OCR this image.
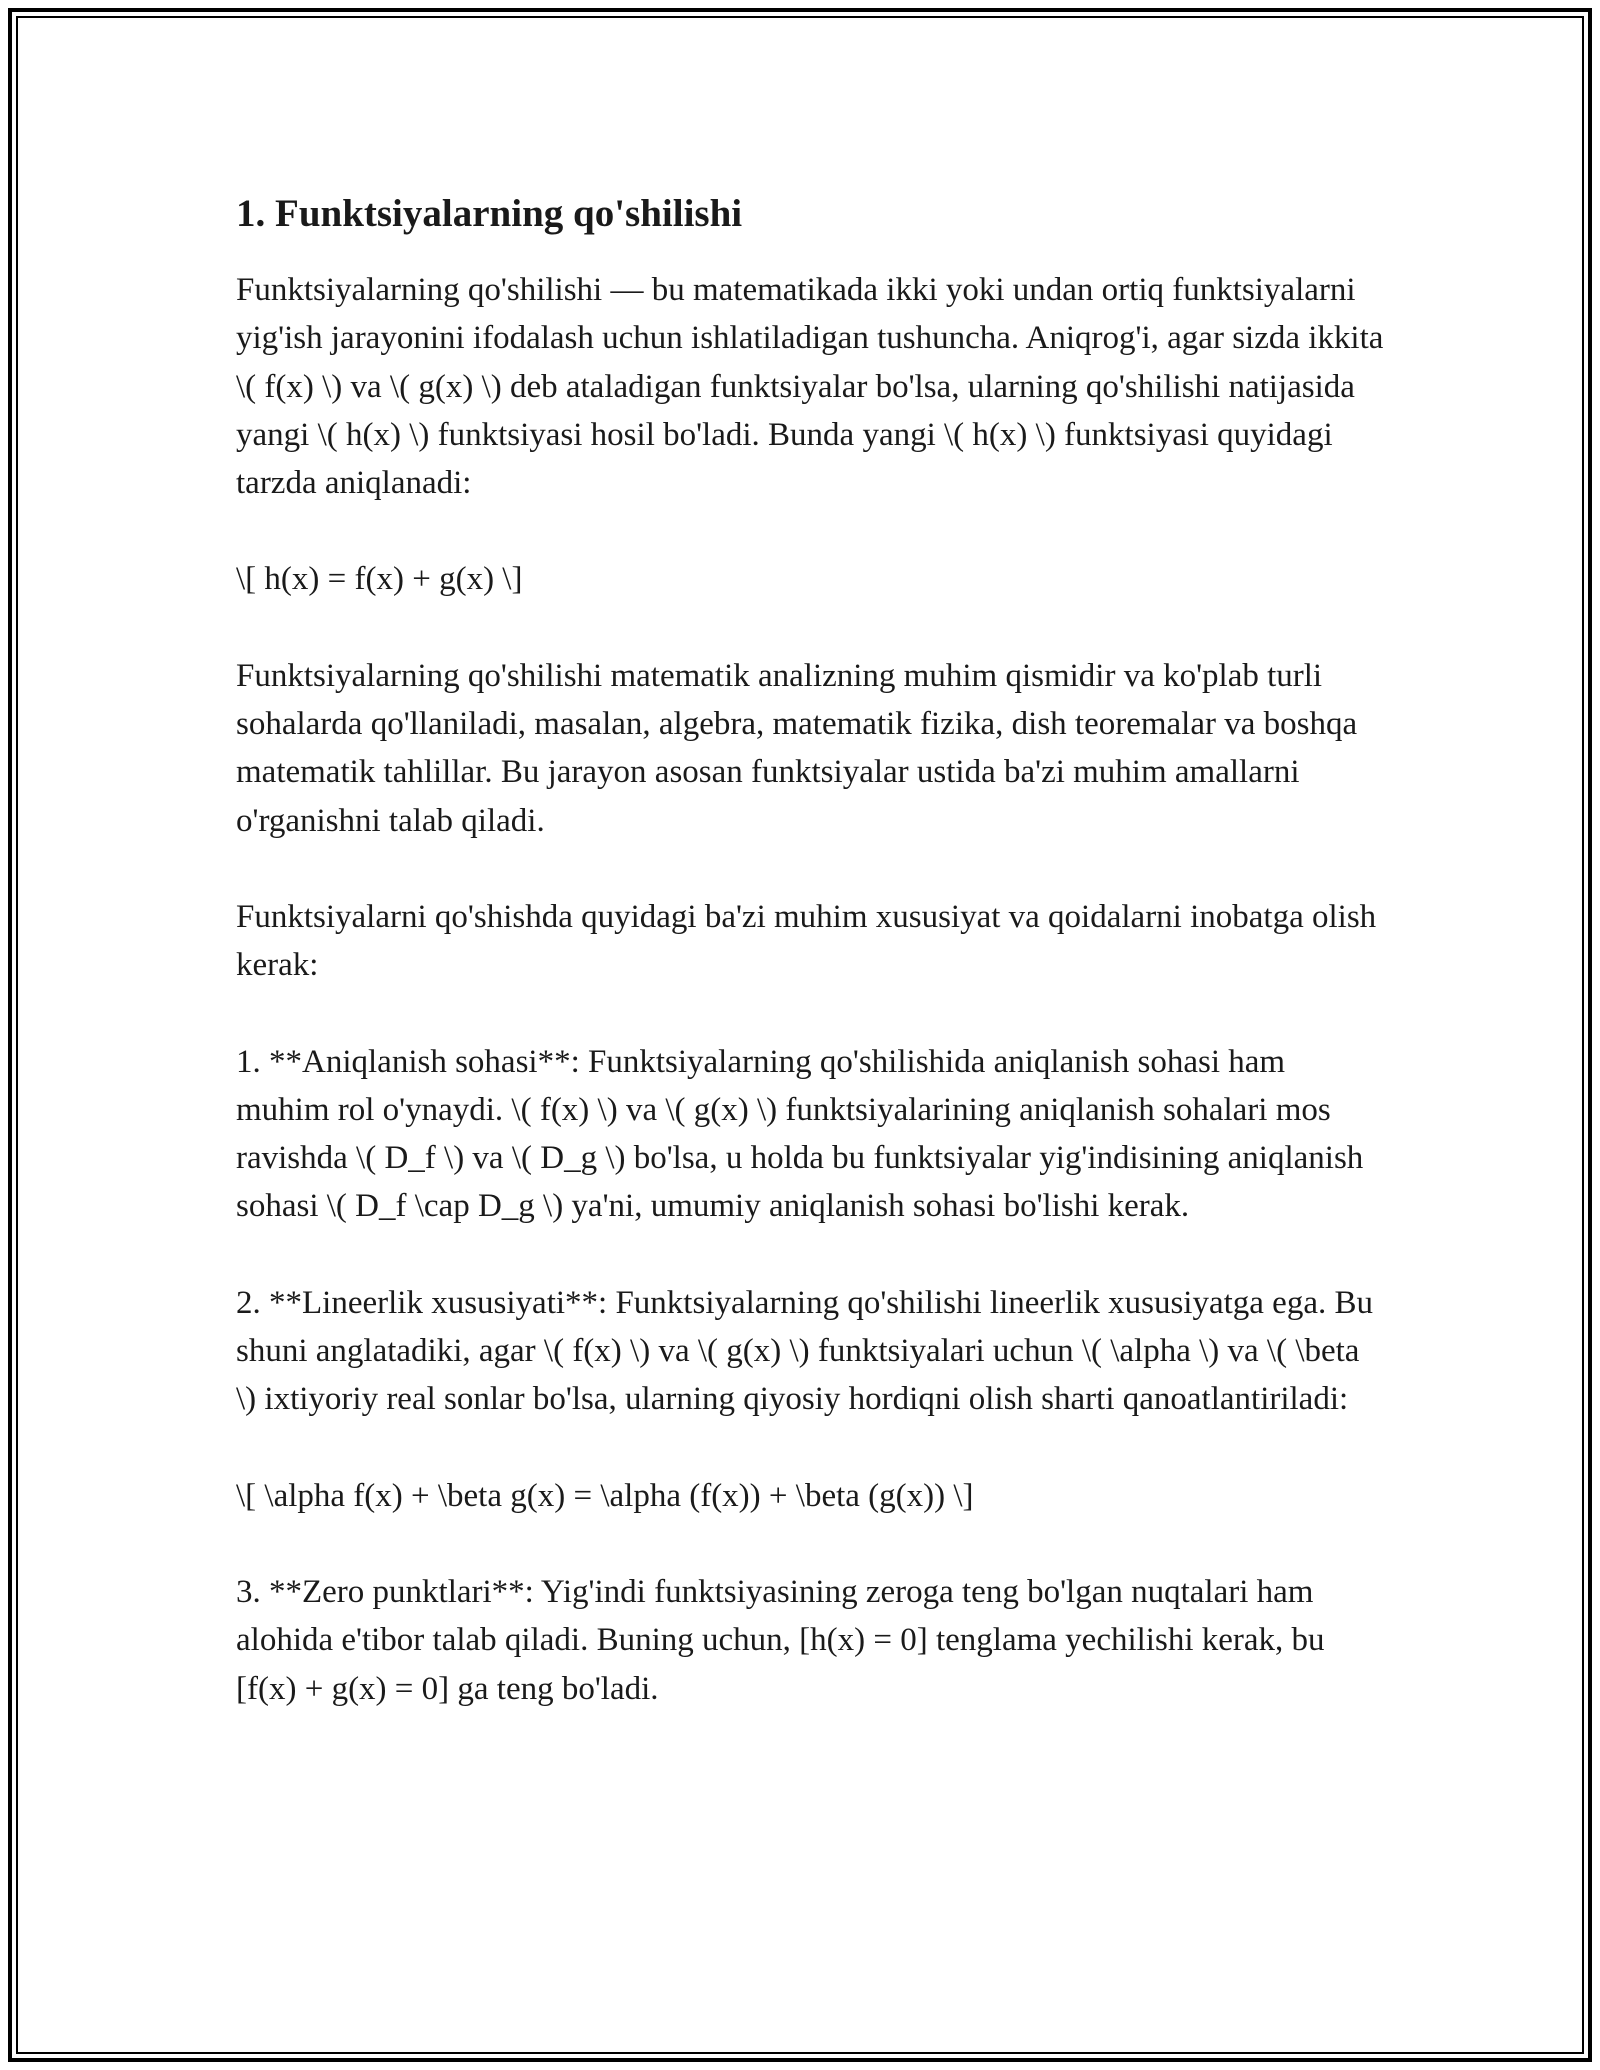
1. Funktsiyalarning qo'shilishi

Funktsiyalarning qo'shilishi — bu matematikada ikki yoki undan ortiq funktsiyalarni yig'ish jarayonini ifodalash uchun ishlatiladigan tushuncha. Aniqrog'i, agar sizda ikkita \( f(x) \) va \( g(x) \) deb ataladigan funktsiyalar bo'lsa, ularning qo'shilishi natijasida yangi \( h(x) \) funktsiyasi hosil bo'ladi. Bunda yangi \( h(x) \) funktsiyasi quyidagi tarzda aniqlanadi:

\[ h(x) = f(x) + g(x) \]

Funktsiyalarning qo'shilishi matematik analizning muhim qismidir va ko'plab turli sohalarda qo'llaniladi, masalan, algebra, matematik fizika, dish teoremalar va boshqa matematik tahlillar. Bu jarayon asosan funktsiyalar ustida ba'zi muhim amallarni o'rganishni talab qiladi.

Funktsiyalarni qo'shishda quyidagi ba'zi muhim xususiyat va qoidalarni inobatga olish kerak:

1. **Aniqlanish sohasi**: Funktsiyalarning qo'shilishida aniqlanish sohasi ham muhim rol o'ynaydi. \( f(x) \) va \( g(x) \) funktsiyalarining aniqlanish sohalari mos ravishda \( D_f \) va \( D_g \) bo'lsa, u holda bu funktsiyalar yig'indisining aniqlanish sohasi \( D_f \cap D_g \) ya'ni, umumiy aniqlanish sohasi bo'lishi kerak.

2. **Lineerlik xususiyati**: Funktsiyalarning qo'shilishi lineerlik xususiyatga ega. Bu shuni anglatadiki, agar \( f(x) \) va \( g(x) \) funktsiyalari uchun \( \alpha \) va \( \beta \) ixtiyoriy real sonlar bo'lsa, ularning qiyosiy hordiqni olish sharti qanoatlantiriladi:

\[ \alpha f(x) + \beta g(x) = \alpha (f(x)) + \beta (g(x)) \]

3. **Zero punktlari**: Yig'indi funktsiyasining zeroga teng bo'lgan nuqtalari ham alohida e'tibor talab qiladi. Buning uchun, [h(x) = 0] tenglama yechilishi kerak, bu [f(x) + g(x) = 0] ga teng bo'ladi.
